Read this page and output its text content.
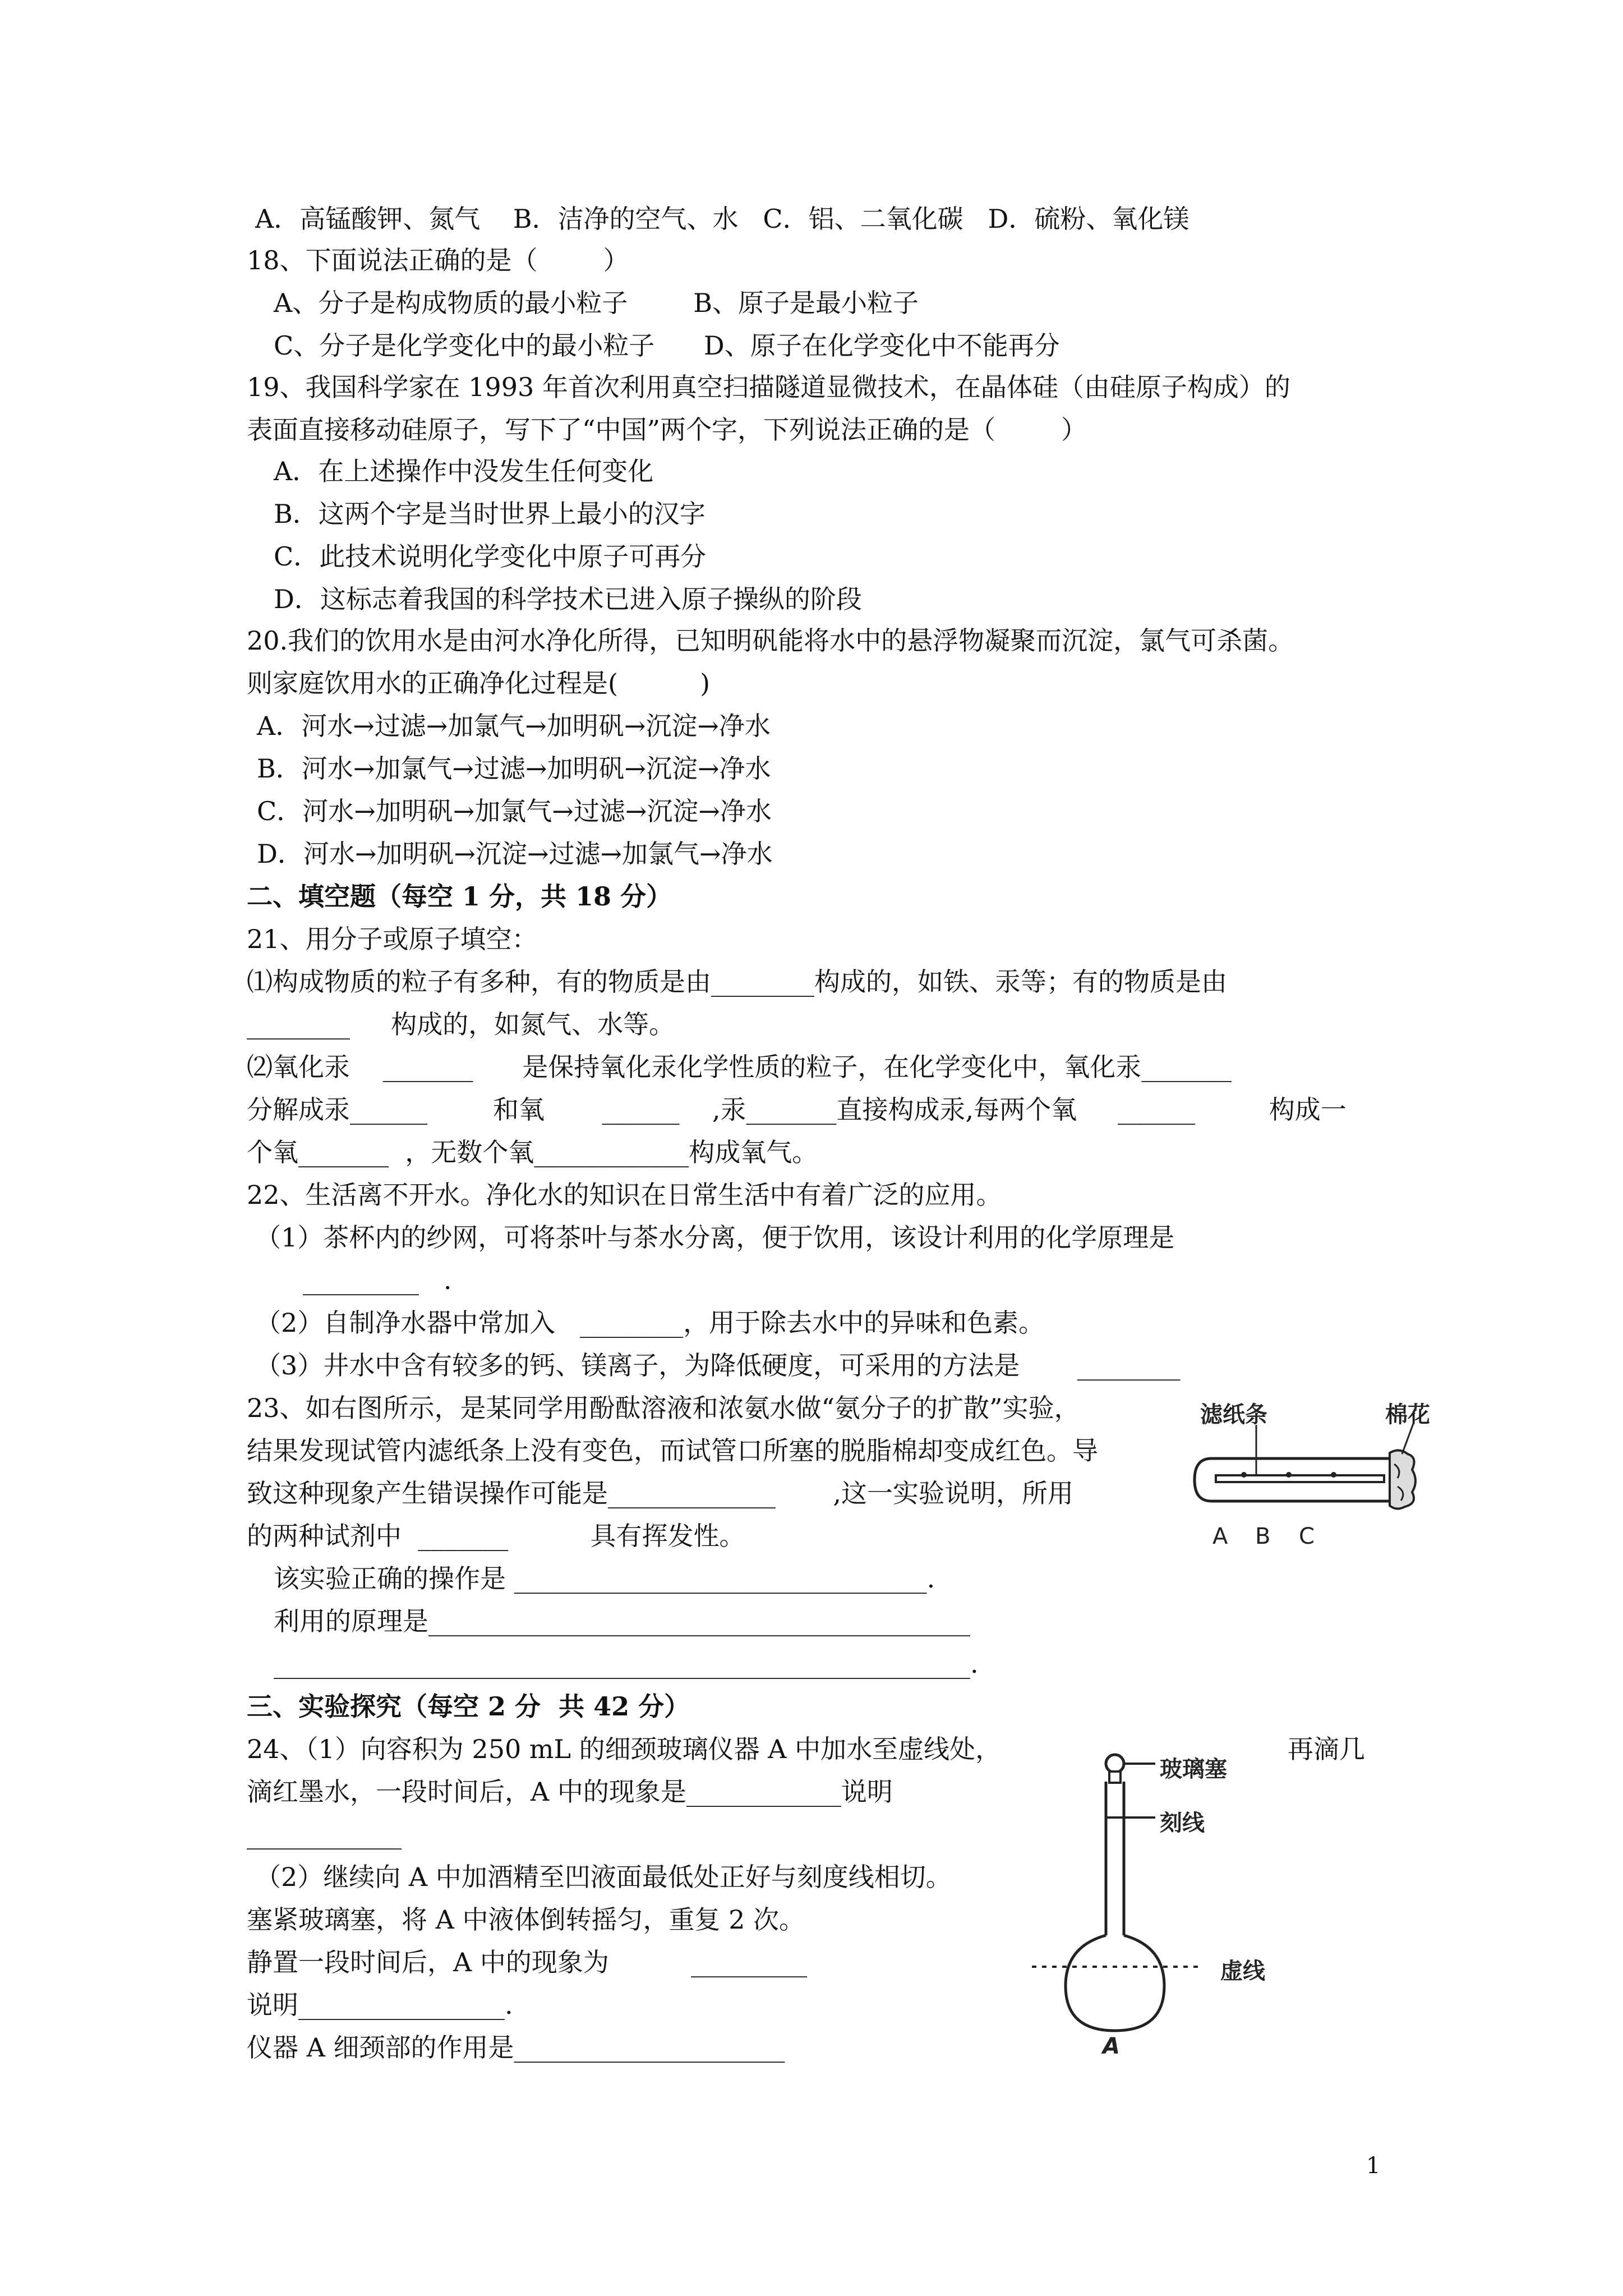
A．高锰酸钾、氮气    B．洁净的空气、水   C．铝、二氧化碳   D．硫粉、氧化镁
18、下面说法正确的是（        ）
A、分子是构成物质的最小粒子        B、原子是最小粒子
C、分子是化学变化中的最小粒子      D、原子在化学变化中不能再分
19、我国科学家在 1993 年首次利用真空扫描隧道显微技术，在晶体硅（由硅原子构成）的
表面直接移动硅原子，写下了“中国”两个字，下列说法正确的是（        ）
A．在上述操作中没发生任何变化
B．这两个字是当时世界上最小的汉字
C．此技术说明化学变化中原子可再分
D．这标志着我国的科学技术已进入原子操纵的阶段
20.我们的饮用水是由河水净化所得，已知明矾能将水中的悬浮物凝聚而沉淀，氯气可杀菌。
则家庭饮用水的正确净化过程是(          )
A．河水→过滤→加氯气→加明矾→沉淀→净水
B．河水→加氯气→过滤→加明矾→沉淀→净水
C．河水→加明矾→加氯气→过滤→沉淀→净水
D．河水→加明矾→沉淀→过滤→加氯气→净水
二、填空题（每空 1 分，共 18 分）
21、用分子或原子填空：
⑴构成物质的粒子有多种，有的物质是由________构成的，如铁、汞等；有的物质是由
________     构成的，如氮气、水等。
⑵氧化汞    _______      是保持氧化汞化学性质的粒子，在化学变化中，氧化汞_______
分解成汞______        和氧       ______    ,汞_______直接构成汞,每两个氧     ______         构成一
个氧_______  ，无数个氧____________构成氧气。
22、生活离不开水。净化水的知识在日常生活中有着广泛的应用。
（1）茶杯内的纱网，可将茶叶与茶水分离，便于饮用，该设计利用的化学原理是
_________   .
（2）自制净水器中常加入   ________，用于除去水中的异味和色素。
（3）井水中含有较多的钙、镁离子，为降低硬度，可采用的方法是       ________
23、如右图所示，是某同学用酚酞溶液和浓氨水做“氨分子的扩散”实验，
结果发现试管内滤纸条上没有变色，而试管口所塞的脱脂棉却变成红色。导
致这种现象产生错误操作可能是_____________       ,这一实验说明，所用
的两种试剂中  _______          具有挥发性。
该实验正确的操作是 ________________________________.
利用的原理是__________________________________________
______________________________________________________.
三、实验探究（每空 2 分  共 42 分）
24、（1）向容积为 250 mL 的细颈玻璃仪器 A 中加水至虚线处，	再滴几
滴红墨水，一段时间后，A 中的现象是____________说明
____________
（2）继续向 A 中加酒精至凹液面最低处正好与刻度线相切。
塞紧玻璃塞，将 A 中液体倒转摇匀，重复 2 次。
静置一段时间后，A 中的现象为          _________
说明________________.
仪器 A 细颈部的作用是_____________________
滤纸条	棉花
A B C
玻璃塞
刻线
虚线
A
1
